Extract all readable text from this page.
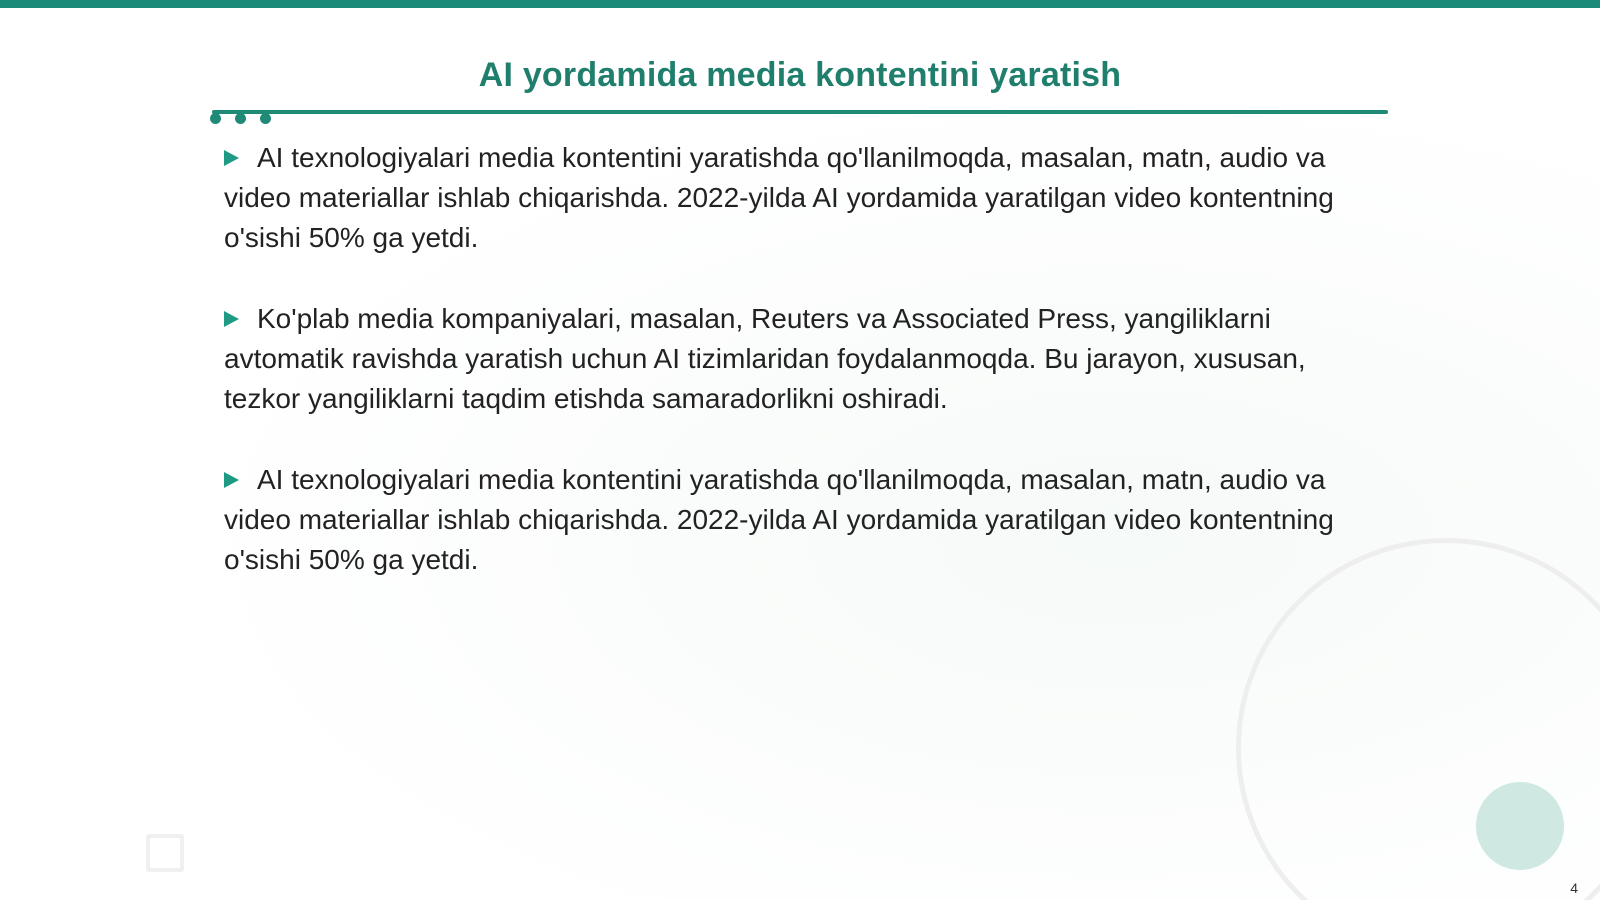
AI yordamida media kontentini yaratish
AI texnologiyalari media kontentini yaratishda qo'llanilmoqda, masalan, matn, audio va video materiallar ishlab chiqarishda. 2022-yilda AI yordamida yaratilgan video kontentning o'sishi 50% ga yetdi.
Ko'plab media kompaniyalari, masalan, Reuters va Associated Press, yangiliklarni avtomatik ravishda yaratish uchun AI tizimlaridan foydalanmoqda. Bu jarayon, xususan, tezkor yangiliklarni taqdim etishda samaradorlikni oshiradi.
AI texnologiyalari media kontentini yaratishda qo'llanilmoqda, masalan, matn, audio va video materiallar ishlab chiqarishda. 2022-yilda AI yordamida yaratilgan video kontentning o'sishi 50% ga yetdi.
4
